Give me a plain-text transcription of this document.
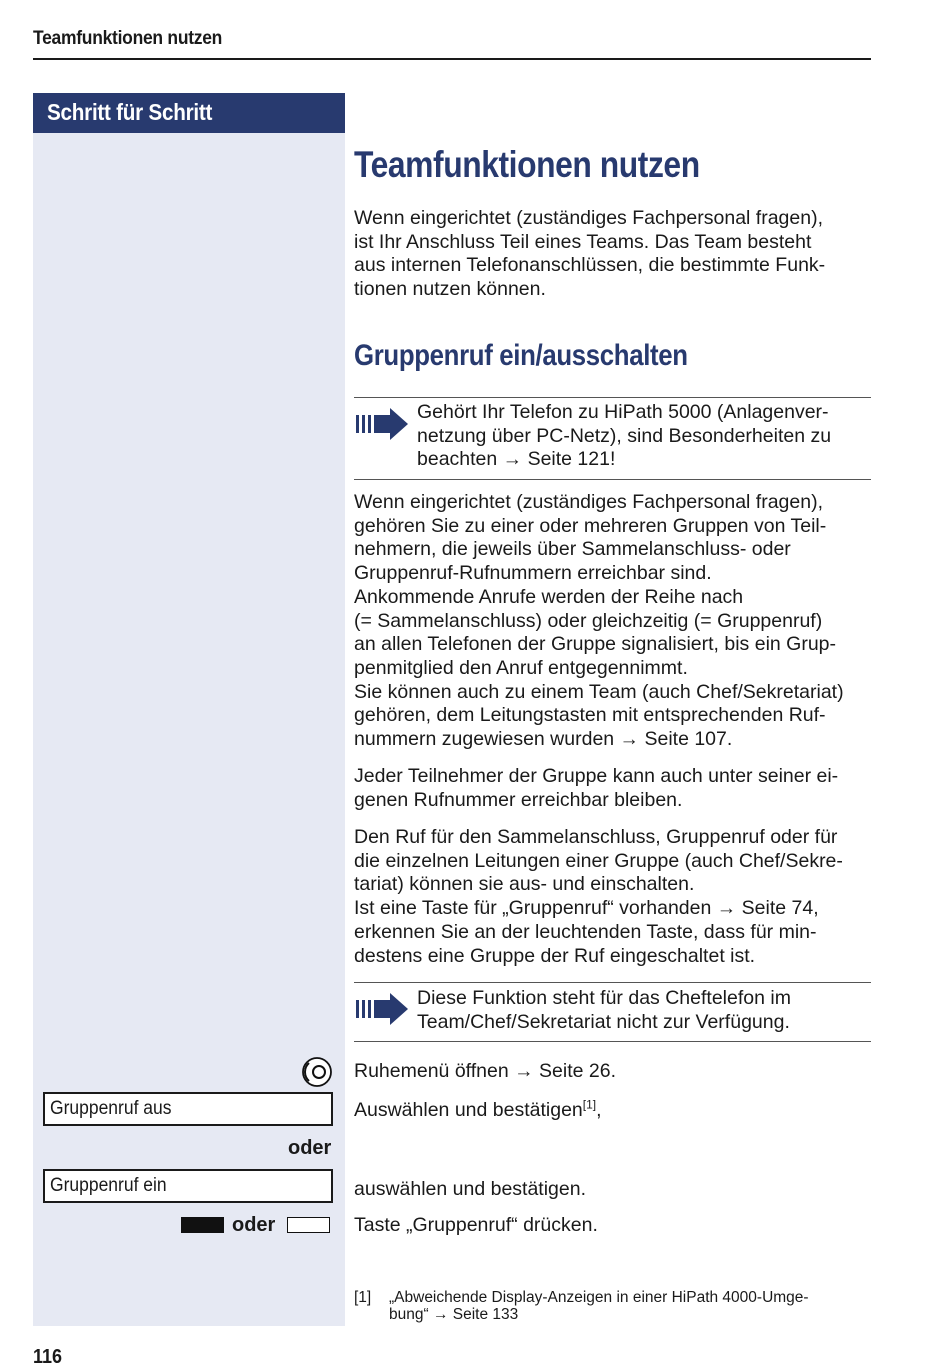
Teamfunktionen nutzen
Schritt für Schritt
Teamfunktionen nutzen
Wenn eingerichtet (zuständiges Fachpersonal fragen),
ist Ihr Anschluss Teil eines Teams. Das Team besteht
aus internen Telefonanschlüssen, die bestimmte Funk-
tionen nutzen können.
Gruppenruf ein/ausschalten
Gehört Ihr Telefon zu HiPath 5000 (Anlagenver-
netzung über PC-Netz), sind Besonderheiten zu
beachten → Seite 121!
Wenn eingerichtet (zuständiges Fachpersonal fragen),
gehören Sie zu einer oder mehreren Gruppen von Teil-
nehmern, die jeweils über Sammelanschluss- oder
Gruppenruf-Rufnummern erreichbar sind.
Ankommende Anrufe werden der Reihe nach
(= Sammelanschluss) oder gleichzeitig (= Gruppenruf)
an allen Telefonen der Gruppe signalisiert, bis ein Grup-
penmitglied den Anruf entgegennimmt.
Sie können auch zu einem Team (auch Chef/Sekretariat)
gehören, dem Leitungstasten mit entsprechenden Ruf-
nummern zugewiesen wurden → Seite 107.
Jeder Teilnehmer der Gruppe kann auch unter seiner ei-
genen Rufnummer erreichbar bleiben.
Den Ruf für den Sammelanschluss, Gruppenruf oder für
die einzelnen Leitungen einer Gruppe (auch Chef/Sekre-
tariat) können sie aus- und einschalten.
Ist eine Taste für „Gruppenruf“ vorhanden → Seite 74,
erkennen Sie an der leuchtenden Taste, dass für min-
destens eine Gruppe der Ruf eingeschaltet ist.
Diese Funktion steht für das Cheftelefon im
Team/Chef/Sekretariat nicht zur Verfügung.
Ruhemenü öffnen → Seite 26.
Gruppenruf aus	Auswählen und bestätigen[1],
oder
Gruppenruf ein	auswählen und bestätigen.
oder	Taste „Gruppenruf“ drücken.
[1] „Abweichende Display-Anzeigen in einer HiPath 4000-Umge-
bung“ → Seite 133
116
